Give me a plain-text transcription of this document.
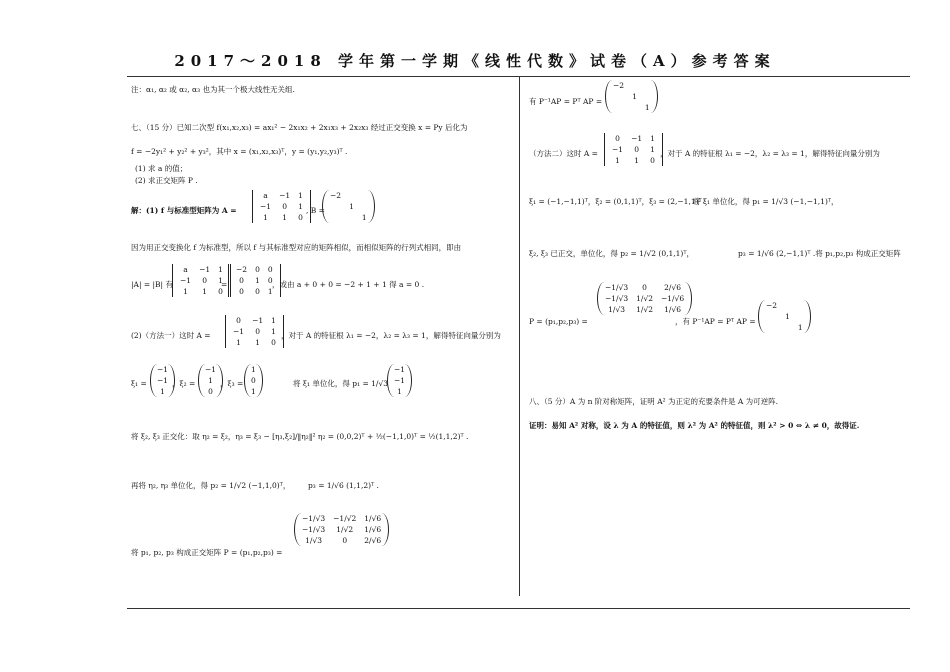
2017～2018 学年第一学期《线性代数》试卷（A）参考答案
注：α₁, α₂ 或 α₂, α₃ 也为其一个极大线性无关组.
七、（15 分）已知二次型 f(x₁,x₂,x₃) = ax₁² − 2x₁x₂ + 2x₁x₃ + 2x₂x₃ 经过正交变换 x = Py 后化为
f = −2y₁² + y₂² + y₃²，其中 x = (x₁,x₂,x₃)ᵀ，y = (y₁,y₂,y₃)ᵀ .
(1) 求 a 的值；
(2) 求正交矩阵 P .
解：(1) f 与标准型矩阵为 A =
a	−1	1
−1	0	1
1	1	0
, B =
−2		
	1	
		1
因为用正交变换化 f 为标准型，所以 f 与其标准型对应的矩阵相似，而相似矩阵的行列式相同，即由
|A| = |B| 有
a	−1	1
−1	0	1
1	1	0
=
−2	0	0
0	1	0
0	0	1
，或由 a + 0 + 0 = −2 + 1 + 1 得 a = 0 .
(2)（方法一）这时 A =
0	−1	1
−1	0	1
1	1	0
，对于 A 的特征根 λ₁ = −2，λ₂ = λ₃ = 1，解得特征向量分别为
ξ₁ =
−1
−1
1
，ξ₂ =
−1
1
0
，ξ₃ =
1
0
1
将 ξ₁ 单位化，得 p₁ = 1/√3
−1
−1
1
将 ξ₂, ξ₃ 正交化：取 η₂ = ξ₂，η₃ = ξ₃ − [η₃,ξ₂]/‖η₂‖² η₂ = (0,0,2)ᵀ + ½(−1,1,0)ᵀ = ½(1,1,2)ᵀ .
再将 η₂, η₃ 单位化，得 p₂ = 1/√2 (−1,1,0)ᵀ， p₃ = 1/√6 (1,1,2)ᵀ .
将 p₁, p₂, p₃ 构成正交矩阵 P = (p₁,p₂,p₃) =
−1/√3	−1/√2	1/√6
−1/√3	1/√2	1/√6
1/√3	0	2/√6
有 P⁻¹AP = Pᵀ AP =
−2		
	1	
		1
（方法二）这时 A =
0	−1	1
−1	0	1
1	1	0
，对于 A 的特征根 λ₁ = −2，λ₂ = λ₃ = 1，解得特征向量分别为
ξ₁ = (−1,−1,1)ᵀ，ξ₂ = (0,1,1)ᵀ，ξ₃ = (2,−1,1)ᵀ .
将 ξ₁ 单位化，得 p₁ = 1/√3 (−1,−1,1)ᵀ，
ξ₂, ξ₃ 已正交，单位化，得 p₂ = 1/√2 (0,1,1)ᵀ，	p₃ = 1/√6 (2,−1,1)ᵀ .将 p₁,p₂,p₃ 构成正交矩阵
P = (p₁,p₂,p₃) =
−1/√3	0	2/√6
−1/√3	1/√2	−1/√6
1/√3	1/√2	1/√6
，有 P⁻¹AP = Pᵀ AP =
−2		
	1	
		1
八、（5 分）A 为 n 阶对称矩阵，证明 A² 为正定的充要条件是 A 为可逆阵.
证明：易知 A² 对称，设 λ 为 A 的特征值，则 λ² 为 A² 的特征值，则 λ² > 0 ⇔ λ ≠ 0，故得证.
